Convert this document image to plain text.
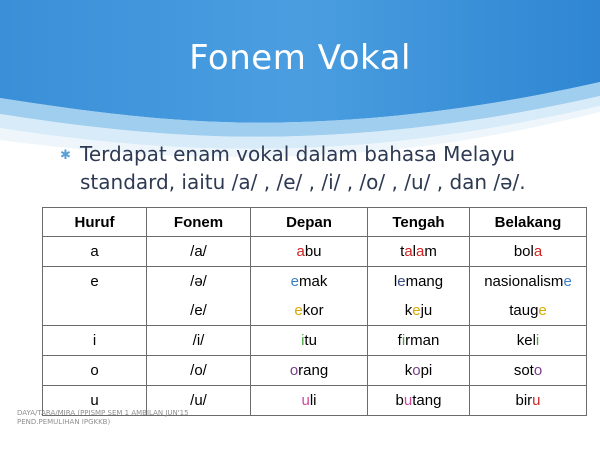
Fonem Vokal
✱ Terdapat enam vokal dalam bahasa Melayu standard, iaitu /a/ , /e/ , /i/ , /o/ , /u/ , dan /ə/.
Huruf	Fonem	Depan	Tengah	Belakang
a	/a/	abu	talam	bola
e	/ə/	emak	lemang	nasionalisme
	/e/	ekor	keju	tauge
i	/i/	itu	firman	keli
o	/o/	orang	kopi	soto
u	/u/	uli	butang	biru
DAYA/TARA/MIRA (PPISMP SEM 1 AMBILAN JUN'15
PEND.PEMULIHAN IPGKKB)
